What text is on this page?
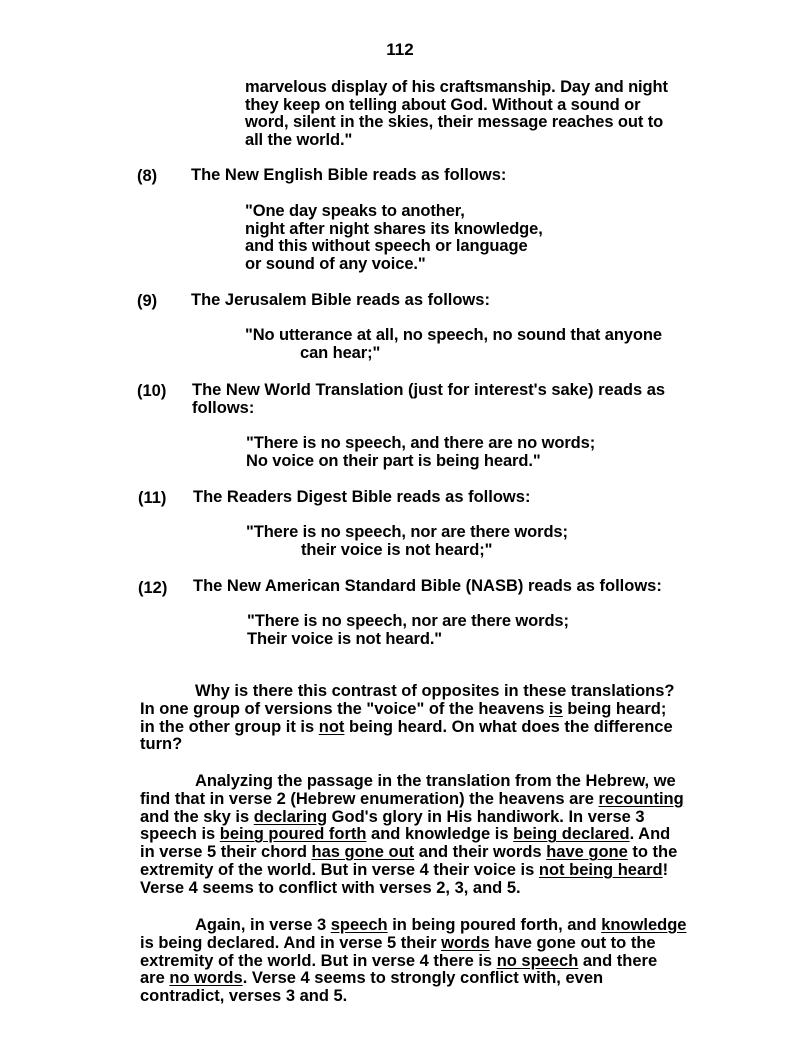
112
marvelous display of his craftsmanship. Day and night
they keep on telling about God. Without a sound or
word, silent in the skies, their message reaches out to
all the world."
(8) The New English Bible reads as follows:
"One day speaks to another,
night after night shares its knowledge,
and this without speech or language
or sound of any voice."
(9) The Jerusalem Bible reads as follows:
"No utterance at all, no speech, no sound that anyone
can hear;"
(10) The New World Translation (just for interest's sake) reads as
follows:
"There is no speech, and there are no words;
No voice on their part is being heard."
(11) The Readers Digest Bible reads as follows:
"There is no speech, nor are there words;
their voice is not heard;"
(12) The New American Standard Bible (NASB) reads as follows:
"There is no speech, nor are there words;
Their voice is not heard."
Why is there this contrast of opposites in these translations?
In one group of versions the "voice" of the heavens is being heard;
in the other group it is not being heard. On what does the difference
turn?
Analyzing the passage in the translation from the Hebrew, we
find that in verse 2 (Hebrew enumeration) the heavens are recounting
and the sky is declaring God's glory in His handiwork. In verse 3
speech is being poured forth and knowledge is being declared. And
in verse 5 their chord has gone out and their words have gone to the
extremity of the world. But in verse 4 their voice is not being heard!
Verse 4 seems to conflict with verses 2, 3, and 5.
Again, in verse 3 speech in being poured forth, and knowledge
is being declared. And in verse 5 their words have gone out to the
extremity of the world. But in verse 4 there is no speech and there
are no words. Verse 4 seems to strongly conflict with, even
contradict, verses 3 and 5.
